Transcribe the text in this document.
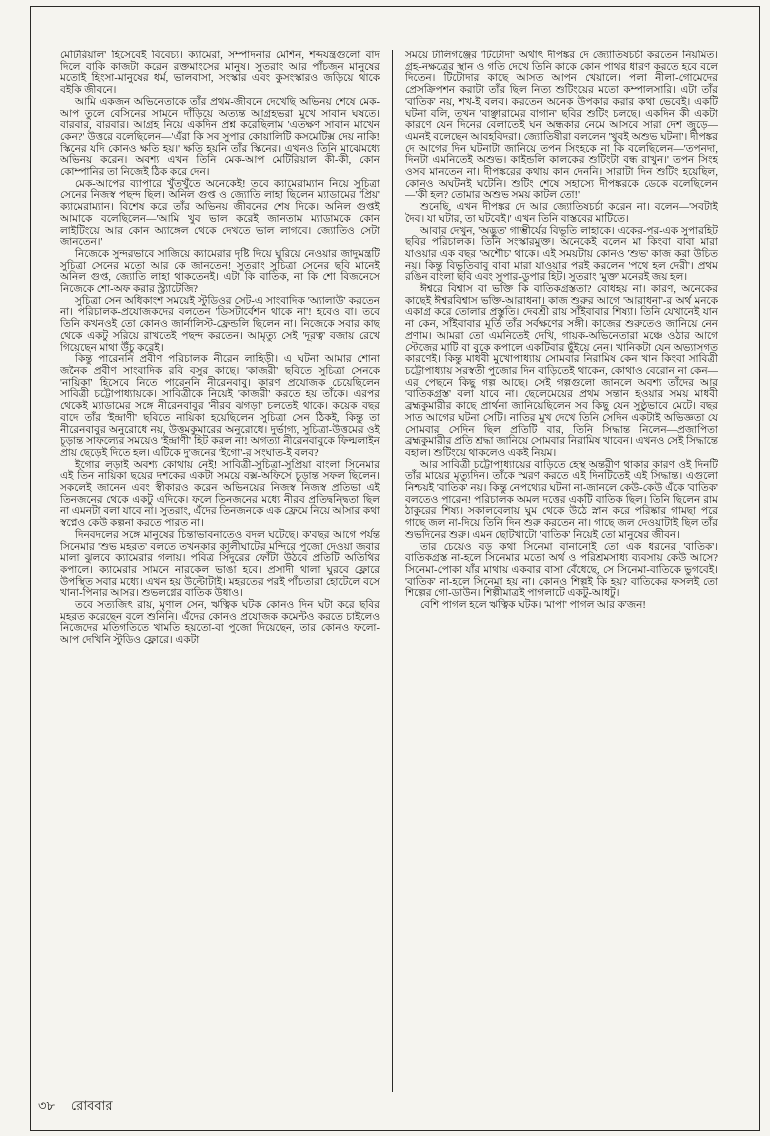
মেটিরিয়াল' হিসেবেই বিবেচ্য। ক্যামেরা, সম্পাদনার মেশিন, শব্দযন্ত্রগুলো বাদ দিলে বাকি কাজটা করেন রক্তমাংসের মানুষ। সুতরাং আর পাঁচজন মানুষের মতোই হিংসা-মানুষের ধর্ম, ভালবাসা, সংস্কার এবং কুসংস্কারও জড়িয়ে থাকে বইকি জীবনে।

আমি একজন অভিনেতাকে তাঁর প্রথম-জীবনে দেখেছি অভিনয় শেষে মেক-আপ তুলে বেসিনের সামনে দাঁড়িয়ে অত্যন্ত আগ্রহভরা মুখে সাবান ঘষতে। বারবার, বারবার। আগ্রহ নিয়ে একদিন প্রশ্ন করেছিলাম 'এতক্ষণ সাবান মাখেন কেন?' উত্তরে বলেছিলেন—'এঁরা কি সব সুপার কোয়ালিটি কসমেটিক্স দেয় নাকি! স্কিনের যদি কোনও ক্ষতি হয়।' ক্ষতি হয়নি তাঁর স্কিনের। এখনও তিনি মাঝেমধ্যে অভিনয় করেন। অবশ্য এখন তিনি মেক-আপ মেটিরিয়াল কী-কী, কোন কোম্পানির তা নিজেই ঠিক করে দেন।

মেক-আপের ব্যাপারে খুঁতখুঁতে অনেকেই! তবে ক্যামেরাম্যান নিয়ে সুচিত্রা সেনের নিজস্ব পছন্দ ছিল। অনিল গুপ্ত ও জ্যোতি লাহা ছিলেন ম্যাডামের 'প্রিয়' ক্যামেরাম্যান। বিশেষ করে তাঁর অভিনয় জীবনের শেষ দিকে। অনিল গুপ্তই আমাকে বলেছিলেন—'আমি খুব ভাল করেই জানতাম ম্যাডামকে কোন লাইটিংয়ে আর কোন অ্যাঙ্গেল থেকে দেখতে ভাল লাগবে। জ্যোতিও সেটা জানতেন।'

নিজেকে সুন্দরভাবে সাজিয়ে ক্যামেরার দৃষ্টি দিয়ে ঘুরিয়ে নেওয়ার জাদুমন্ত্রটি সুচিত্রা সেনের মতো আর কে জানতেন! সুতরাং সুচিত্রা সেনের ছবি মানেই অনিল গুপ্ত, জ্যোতি লাহা থাকতেনই। এটা কি বাতিক, না কি শো বিজনেসে নিজেকে শো-অফ করার স্ট্র্যাটেজি?

সুচিত্রা সেন অধিকাংশ সময়েই স্টুডিওর সেট-এ সাংবাদিক 'অ্যালাউ' করতেন না। পরিচালক-প্রযোজকদের বলতেন 'ডিসটার্বেশন থাকে না'! হবেও বা। তবে তিনি কখনওই তো কোনও জার্নালিস্ট-ফ্রেন্ডলি ছিলেন না। নিজেকে সবার কাছ থেকে একটু সরিয়ে রাখতেই পছন্দ করতেন। আমৃত্যু সেই 'দূরত্ব' বজায় রেখে গিয়েছেন মাথা উঁচু করেই।

কিন্তু পারেননি প্রবীণ পরিচালক নীরেন লাহিড়ী। এ ঘটনা আমার শোনা জনৈক প্রবীণ সাংবাদিক রবি বসুর কাছে। 'কাজরী' ছবিতে সুচিত্রা সেনকে 'নায়িকা' হিসেবে নিতে পারেননি নীরেনবাবু। কারণ প্রযোজক চেয়েছিলেন সাবিত্রী চট্টোপাধ্যায়কে। সাবিত্রীকে নিয়েই 'কাজরী' করতে হয় তাঁকে। এরপর থেকেই ম্যাডামের সঙ্গে নীরেনবাবুর 'নীরব ঝগড়া' চলতেই থাকে। কয়েক বছর বাদে তাঁর 'ইন্দ্রাণী' ছবিতে নায়িকা হয়েছিলেন সুচিত্রা সেন ঠিকই, কিন্তু তা নীরেনবাবুর অনুরোধে নয়, উত্তমকুমারের অনুরোধে। দুর্ভাগ্য, সুচিত্রা-উত্তমের ওই চূড়ান্ত সাফল্যের সময়েও 'ইন্দ্রাণী' হিট করল না! অগত্যা নীরেনবাবুকে ফিল্মলাইন প্রায় ছেড়েই দিতে হল। এটিকে দু'জনের 'ইগো'-র সংঘাত-ই বলব?

ইগোর লড়াই অবশ্য কোথায় নেই! সাবিত্রী-সুচিত্রা-সুপ্রিয়া বাংলা সিনেমার এই তিন নায়িকা ছয়ের দশকের একটা সময়ে বক্স-অফিসে চূড়ান্ত সফল ছিলেন। সকলেই জানেন এবং স্বীকারও করেন অভিনয়ের নিজস্ব নিজস্ব প্রতিভা এই তিনজনের থেকে একটু এদিকে। ফলে তিনজনের মধ্যে নীরব প্রতিদ্বন্দ্বিতা ছিল না এমনটা বলা যাবে না। সুতরাং, এঁদের তিনজনকে এক ফ্রেমে নিয়ে আসার কথা স্বপ্নেও কেউ কল্পনা করতে পারত না।

দিনবদলের সঙ্গে মানুষের চিন্তাভাবনাতেও বদল ঘটেছে। ক'বছর আগে পর্যন্ত সিনেমার 'শুভ মহরত' বলতে তখনকার কালীঘাটের মন্দিরে পুজো দেওয়া জবার মালা ঝুলবে ক্যামেরার গলায়। পবিত্র সিঁদুরের ফোঁটা উঠবে প্রতিটি অতিথির কপালে। ক্যামেরার সামনে নারকেল ভাঙা হবে। প্রসাদী থালা ঘুরবে ফ্লোরে উপস্থিত সবার মধ্যে। এখন হয় উল্টোটাই। মহরতের পরই পাঁচতারা হোটেলে বসে খানা-পিনার আসর। শুভলগ্নের বাতিক উধাও।

তবে সত্যজিৎ রায়, মৃণাল সেন, ঋত্বিক ঘটক কোনও দিন ঘটা করে ছবির মহরত করেছেন বলে শুনিনি। এঁদের কোনও প্রযোজক কমেন্টও করতে চাইলেও নিজেদের মতিগতিতে খামতি হয়তো-বা পুজো দিয়েছেন, তার কোনও ফলো-আপ দেখিনি স্টুডিও ফ্লোরে। একটা

সময়ে টালিগঞ্জের 'টিটোদা' অর্থাৎ দীপঙ্কর দে জ্যোতিষচর্চা করতেন নিয়মিত। গ্রহ-নক্ষত্রের স্থান ও গতি দেখে তিনি কাকে কোন পাথর ধারণ করতে হবে বলে দিতেন। টিটোদার কাছে আসত আপন খেয়ালে। পলা নীলা-গোমেদের প্রেসক্রিপশন করাটা তাঁর ছিল নিত্য শুটিংয়ের মতো কম্পালসারি। এটা তাঁর 'বাতিক' নয়, শখ-ই বলব। করতেন অনেক উপকার করার কথা ভেবেই। একটি ঘটনা বলি, তখন 'বাঞ্ছারামের বাগান' ছবির শুটিং চলছে। একদিন কী একটা কারণে যেন দিনের বেলাতেই ঘন অন্ধকার নেমে আসবে সারা দেশ জুড়ে—এমনই বলেছেন আবহবিদরা। জ্যোতিষীরা বললেন 'খুবই অশুভ ঘটনা'। দীপঙ্কর দে আগের দিন ঘটনাটা জানিয়ে তপন সিংহকে না কি বলেছিলেন—'তপনদা, দিনটা এমনিতেই অশুভ। কাইন্ডলি কালকের শুটিংটা বন্ধ রাখুন।' তপন সিংহ ওসব মানতেন না। দীপঙ্করের কথায় কান দেননি। সারাটা দিন শুটিং হয়েছিল, কোনও অঘটনই ঘটেনি। শুটিং শেষে সহাস্যে দীপঙ্করকে ডেকে বলেছিলেন—'কী হল? তোমার অশুভ সময় কাটল তো!'

শুনেছি, এখন দীপঙ্কর দে আর জ্যোতিষচর্চা করেন না। বলেন—'সবটাই দৈব। যা ঘটার, তা ঘটবেই।' এখন তিনি বাস্তবের মাটিতে।

আবার দেখুন, 'অদ্ভুত' গাম্ভীর্যের বিভূতি লাহাকে। একের-পর-এক সুপারহিট ছবির পরিচালক। তিনি সংস্কারমুক্ত। অনেকেই বলেন মা কিংবা বাবা মারা যাওয়ার এক বছর 'অশৌচ' থাকে। এই সময়টায় কোনও 'শুভ' কাজ করা উচিত নয়। কিন্তু বিভূতিবাবু বাবা মারা যাওয়ার পরই করলেন 'পথে হল দেরী'। প্রথম রঙিন বাংলা ছবি এবং সুপার-ডুপার হিট। সুতরাং 'মুক্ত' মনেরই জয় হল।

ঈশ্বরে বিশ্বাস বা ভক্তি কি বাতিকগ্রস্ততা? বোধহয় না। কারণ, অনেকের কাছেই ঈশ্বরবিশ্বাস ভক্তি-আরাধনা। কাজ শুরুর আগে 'আরাধনা'-র অর্থ মনকে একাগ্র করে তোলার প্রস্তুতি। দেবশ্রী রায় সাঁইবাবার শিষ্যা। তিনি যেখানেই যান না কেন, সাঁইবাবার মূর্তি তাঁর সর্বক্ষণের সঙ্গী। কাজের শুরুতেও জানিয়ে নেন প্রণাম। আমরা তো এমনিতেই দেখি, গায়ক-অভিনেতারা মঞ্চে ওঠার আগে স্টেজের মাটি বা বুকে কপালে একটিবার ছুঁইয়ে নেন। খানিকটা যেন অভ্যাসগত কারণেই। কিন্তু মাধবী মুখোপাধ্যায় সোমবার নিরামিষ কেন খান কিংবা সাবিত্রী চট্টোপাধ্যায় সরস্বতী পুজোর দিন বাড়িতেই থাকেন, কোথাও বেরোন না কেন—এর পেছনে কিছু গল্প আছে। সেই গল্পগুলো জানলে অবশ্য তাঁদের আর 'বাতিকগ্রস্ত' বলা যাবে না। ছেলেমেয়ের প্রথম সন্তান হওয়ার সময় মাধবী ব্রহ্মকুমারীর কাছে প্রার্থনা জানিয়েছিলেন সব কিছু যেন সুষ্ঠুভাবে মেটে। বছর সাত আগের ঘটনা সেটি। নাতির মুখ দেখে তিনি সেদিন একটাই অভিজ্ঞতা যে সোমবার সেদিন ছিল প্রতিটি বার, তিনি সিদ্ধান্ত নিলেন—প্রজাপিতা ব্রহ্মকুমারীর প্রতি শ্রদ্ধা জানিয়ে সোমবার নিরামিষ খাবেন। এখনও সেই সিদ্ধান্তে বহাল। শুটিংয়ে থাকলেও একই নিয়ম।

আর সাবিত্রী চট্টোপাধ্যায়ের বাড়িতে হেস্থ অন্তরীণ থাকার কারণ ওই দিনটি তাঁর মায়ের মৃত্যুদিন। তাঁকে স্মরণ করতে এই দিনটিতেই এই সিদ্ধান্ত। এগুলো নিশ্চয়ই 'বাতিক' নয়। কিন্তু নেপথ্যের ঘটনা না-জানলে কেউ-কেউ এঁকে 'বাতিক' বলতেও পারেন! পরিচালক অমল দত্তের একটি বাতিক ছিল। তিনি ছিলেন রাম ঠাকুরের শিষ্য। সকালবেলায় ঘুম থেকে উঠে স্নান করে পরিষ্কার গামছা পরে গাছে জল না-দিয়ে তিনি দিন শুরু করতেন না। গাছে জল দেওয়াটাই ছিল তাঁর শুভদিনের শুরু। এমন ছোটখাটো 'বাতিক' নিয়েই তো মানুষের জীবন।

তার চেয়েও বড় কথা সিনেমা বানানোই তো এক ধরনের 'বাতিক'। বাতিকগ্রস্ত না-হলে সিনেমার মতো অর্থ ও পরিশ্রমসাধ্য ব্যবসায় কেউ আসে? সিনেমা-পোকা যাঁর মাথায় একবার বাসা বেঁধেছে, সে সিনেমা-বাতিকে ভুগবেই। 'বাতিক' না-হলে সিনেমা হয় না। কোনও শিল্পই কি হয়? বাতিকের ফসলই তো শিল্পের গো-ডাউন। শিল্পীমাত্রই পাগলাটে একটু-আধটু।

বেশি পাগল হলে ঋত্বিক ঘটক। 'মাপা' পাগল আর ক'জন!

৩৮ রোববার
